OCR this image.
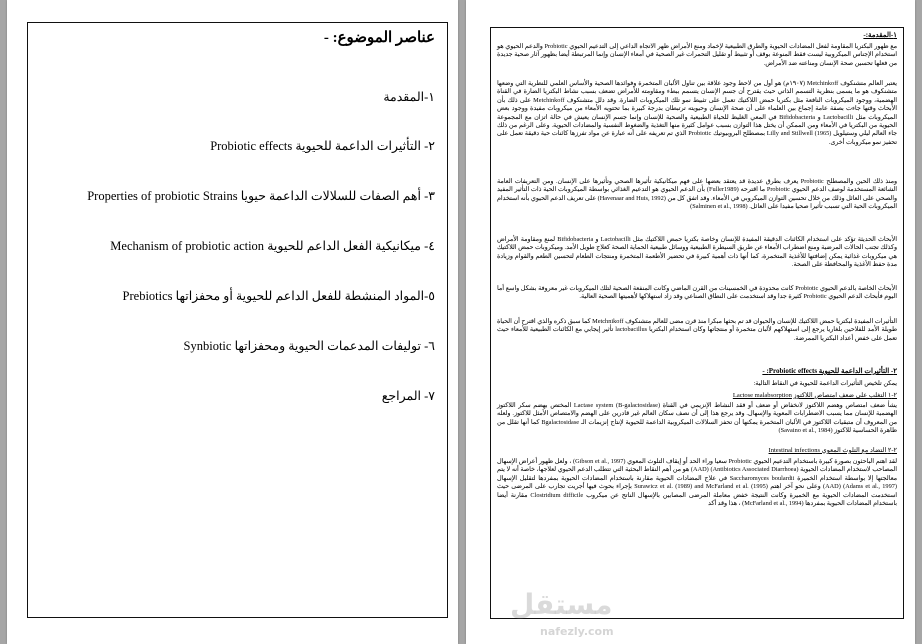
عناصر الموضوع: -
١-المقدمة
٢- التأثيرات الداعمة للحيوية Probiotic effects
٣- أهم الصفات للسلالات الداعمة حيويا Properties of probiotic Strains
٤- ميكانيكية الفعل الداعم للحيوية Mechanism of probiotic action
٥-المواد المنشطة للفعل الداعم للحيوية أو محفزاتها Prebiotics
٦- توليفات المدعمات الحيوية ومحفزاتها Synbiotic
٧- المراجع
١-المقدمة:-
مع ظهور البكتريا المقاومة لفعل المضادات الحيوية والطرق الطبيعية لإخماد ومنع الأمراض ظهر الاتجاه الداعي إلى التدعيم الحيوي Probiotic والدعم الحيوي هو استخدام الإجناس الميكروبية ليست فقط المنوعة بوقف أو تثبيط أو تقليل التحمرات غير الصحية في أمعاء الإنسان وإنما المرتبطة أيضا بظهور آثار صحية جديدة من فعلها تحسين صحة الإنسان ومناعته ضد الأمراض.
يعتبر العالم متشنكوف Metchinkoff (١٩٠٧م) هو أول من لاحظ وجود علاقة بين تناول الألبان المتخمرة وفوائدها الصحية والأساس العلمي للنظرية التي وضعها متشنكوف هو ما يسمى بنظرية التسمم الذاتي حيث يقترح أن جسم الإنسان يتسمم ببطء ومقاومته للأمراض تضعف بسبب نشاط البكتريا الضارة في القناة الهضمية، ووجود الميكروبات النافعة مثل بكتريا حمض اللاكتيك تعمل على تثبيط نمو تلك الميكروبات الضارة. وقد دلل متشنكوف Metchinkoff على ذلك بأن الأبحاث وقتها جاءت بصفة عامة إجماع بين العلماء على أن صحة الإنسان وحيويته ترتبطان بدرجة كبيرة بما تحتويه الأمعاء من ميكروبات مفيدة ووجود بعض الميكروبات مثل Lactobacilli و Bifidobacteria في المعي الغليظ للحياة الطبيعية والصحية للإنسان وإنما جسم الإنسان يعيش في حالة اتزان مع المجموعة الحيوية من البكتريا في الأمعاء ومن الممكن أن يختل هذا التوازن بسبب عوامل كثيرة منها التغذية والضغوط النفسية والمضادات الحيوية. وعلى الرغم من ذلك جاء العالم ليلي وستيلويل Lilly and Stillwell (1965) بمصطلح البروبيوتيك Probiotic الذي تم تعريفه على أنه عبارة عن مواد تفرزها كائنات حية دقيقة تعمل على تحفيز نمو ميكروبات أخرى.
ومنذ ذلك الحين والمصطلح Probiotic يعرف بطرق عديدة قد يعتقد بعضها على فهم ميكانيكية تأثيرها الصحي وتأثيرها على الإنسان. ومن التعريفات العامة الشائعة المستخدمة لوصف الدعم الحيوي Probiotic ما اقترحه (Fuller1989) بأن الدعم الحيوي هو التدعيم الغذائي بواسطة الميكروبات الحية ذات التأثير المفيد والصحي على العائل وذلك من خلال تحسين التوازن الميكروبي في الأمعاء. وقد اتفق كل من (Havenaar and Huis, 1992) على تعريف الدعم الحيوي بأنه استخدام الميكروبات الحية التي تسبب تأثيرا صحيا مفيدا على العائل. (Salminen et al., 1998)
الأبحاث الحديثة تؤكد على استخدام الكائنات الدقيقة المفيدة للإنسان وخاصة بكتريا حمض اللاكتيك مثل Lactobacilli و Bifidobacteria لمنع ومقاومة الأمراض وكذلك تجنب الحالات المرضية ومنع اضطراب الأمعاء عن طريق السيطرة الطبيعية ووسائل طبيعية الحماية الصحة كعلاج طويل الأمد. وميكروبات حمض اللاكتيك هي ميكروبات غذائية يمكن إضافتها للأغذية المتخمرة، كما أنها ذات أهمية كبيرة في تحضير الأطعمة المتخمرة ومنتجات الطعام لتحسين الطعم والقوام وزيادة مدة حفظ الأغذية والمحافظة على الصحة.
الأبحاث الخاصة بالدعم الحيوي Probiotic كانت محدودة في الخمسينات من القرن الماضي وكانت المنفعة الصحية لتلك الميكروبات غير معروفة بشكل واسع أما اليوم فأبحاث الدعم الحيوي Probiotic كثيرة جدا وقد استخدمت على النطاق الصناعي وقد زاد استهلاكها لأهميتها الصحية العالية.
التأثيرات المفيدة لبكتريا حمض اللاكتيك للإنسان والحيوان قد تم بحثها مبكرا منذ قرن مضى للعالم متشنكوف Metchnikoff كما سبق ذكره والذي اقترح أن الحياة طويلة الأمد للفلاحين بلغاريا يرجع إلى استهلاكهم لألبان متخمرة أو منتجاتها وكان استخدام البكتريا lactobacillus تأثير إيجابي مع الكائنات الطبيعية للأمعاء حيث تعمل على خفض أعداد البكتريا الممرضة.
٢- التأثيرات الداعمة للحيوية Probiotic effects: -
يمكن تلخيص التأثيرات الداعمة للحيوية في النقاط التالية:
٢-١ التغلب على ضعف امتصاص اللاكتوز Lactose malabsorption
يشأ ضعف امتصاص وهضم اللاكتوز لانخفاض أو ضعف أو فقد النشاط الإنزيمي في القناة Lactase system (B-galactosidase) المختص بهضم سكر اللاكتوز الهضمية للإنسان مما يسبب الاضطرابات المعوية والإسهال. وقد يرجع هذا إلى أن نصف سكان العالم غير قادرين على الهضم والامتصاص الأمثل للاكتوز. ولعله من المعروف أن متبقيات اللاكتوز في الألبان المتخمرة يمكنها أن تحفز السلالات الميكروبية الداعمة للحيوية لإنتاج إنزيمات الـ Bgalactosidase كما أنها تقلل من ظاهرة الحساسية للاكتوز (Savaino et al., 1984)
٢-٢ التضاد مع التلوث المعوي Intestinal infections
لقد اهتم الباحثون بصورة كبيرة باستخدام التدعيم الحيوي Probiotic سعيا وراء الحد أو إيقاف التلوث المعوي (Gibson et al., 1997) ، ولعل ظهور أعراض الإسهال المصاحب لاستخدام المضادات الحيوية (Antibiotics Associated Diarrhoea) (AAD) هو من أهم النقاط البحثية التي تتطلب الدعم الحيوي لعلاجها، خاصة أنه لا يتم معالجتها إلا بواسطة استخدام الخميرة Saccharomyces boulardii في علاج المضادات الحيوية مقارنة باستخدام المضادات الحيوية بمفردها لتقليل الإسهال (Adams et al., 1997) (AAD) وعلى نحو آخر اهتم Surawicz et al. (1989) and McFarland et al. (1995) بإجراء بحوث فيها أجريت تجارب على المرضى حيث استخدمت المضادات الحيوية مع الخميرة وكانت النتيجة خفض معاملة المرضى المصابين بالإسهال الناتج عن ميكروب Clostridium difficile مقارنة أيضا باستخدام المضادات الحيوية بمفردها (McFarland et al., 1994) ، هذا وقد أكد
مستقل
nafezly.com
